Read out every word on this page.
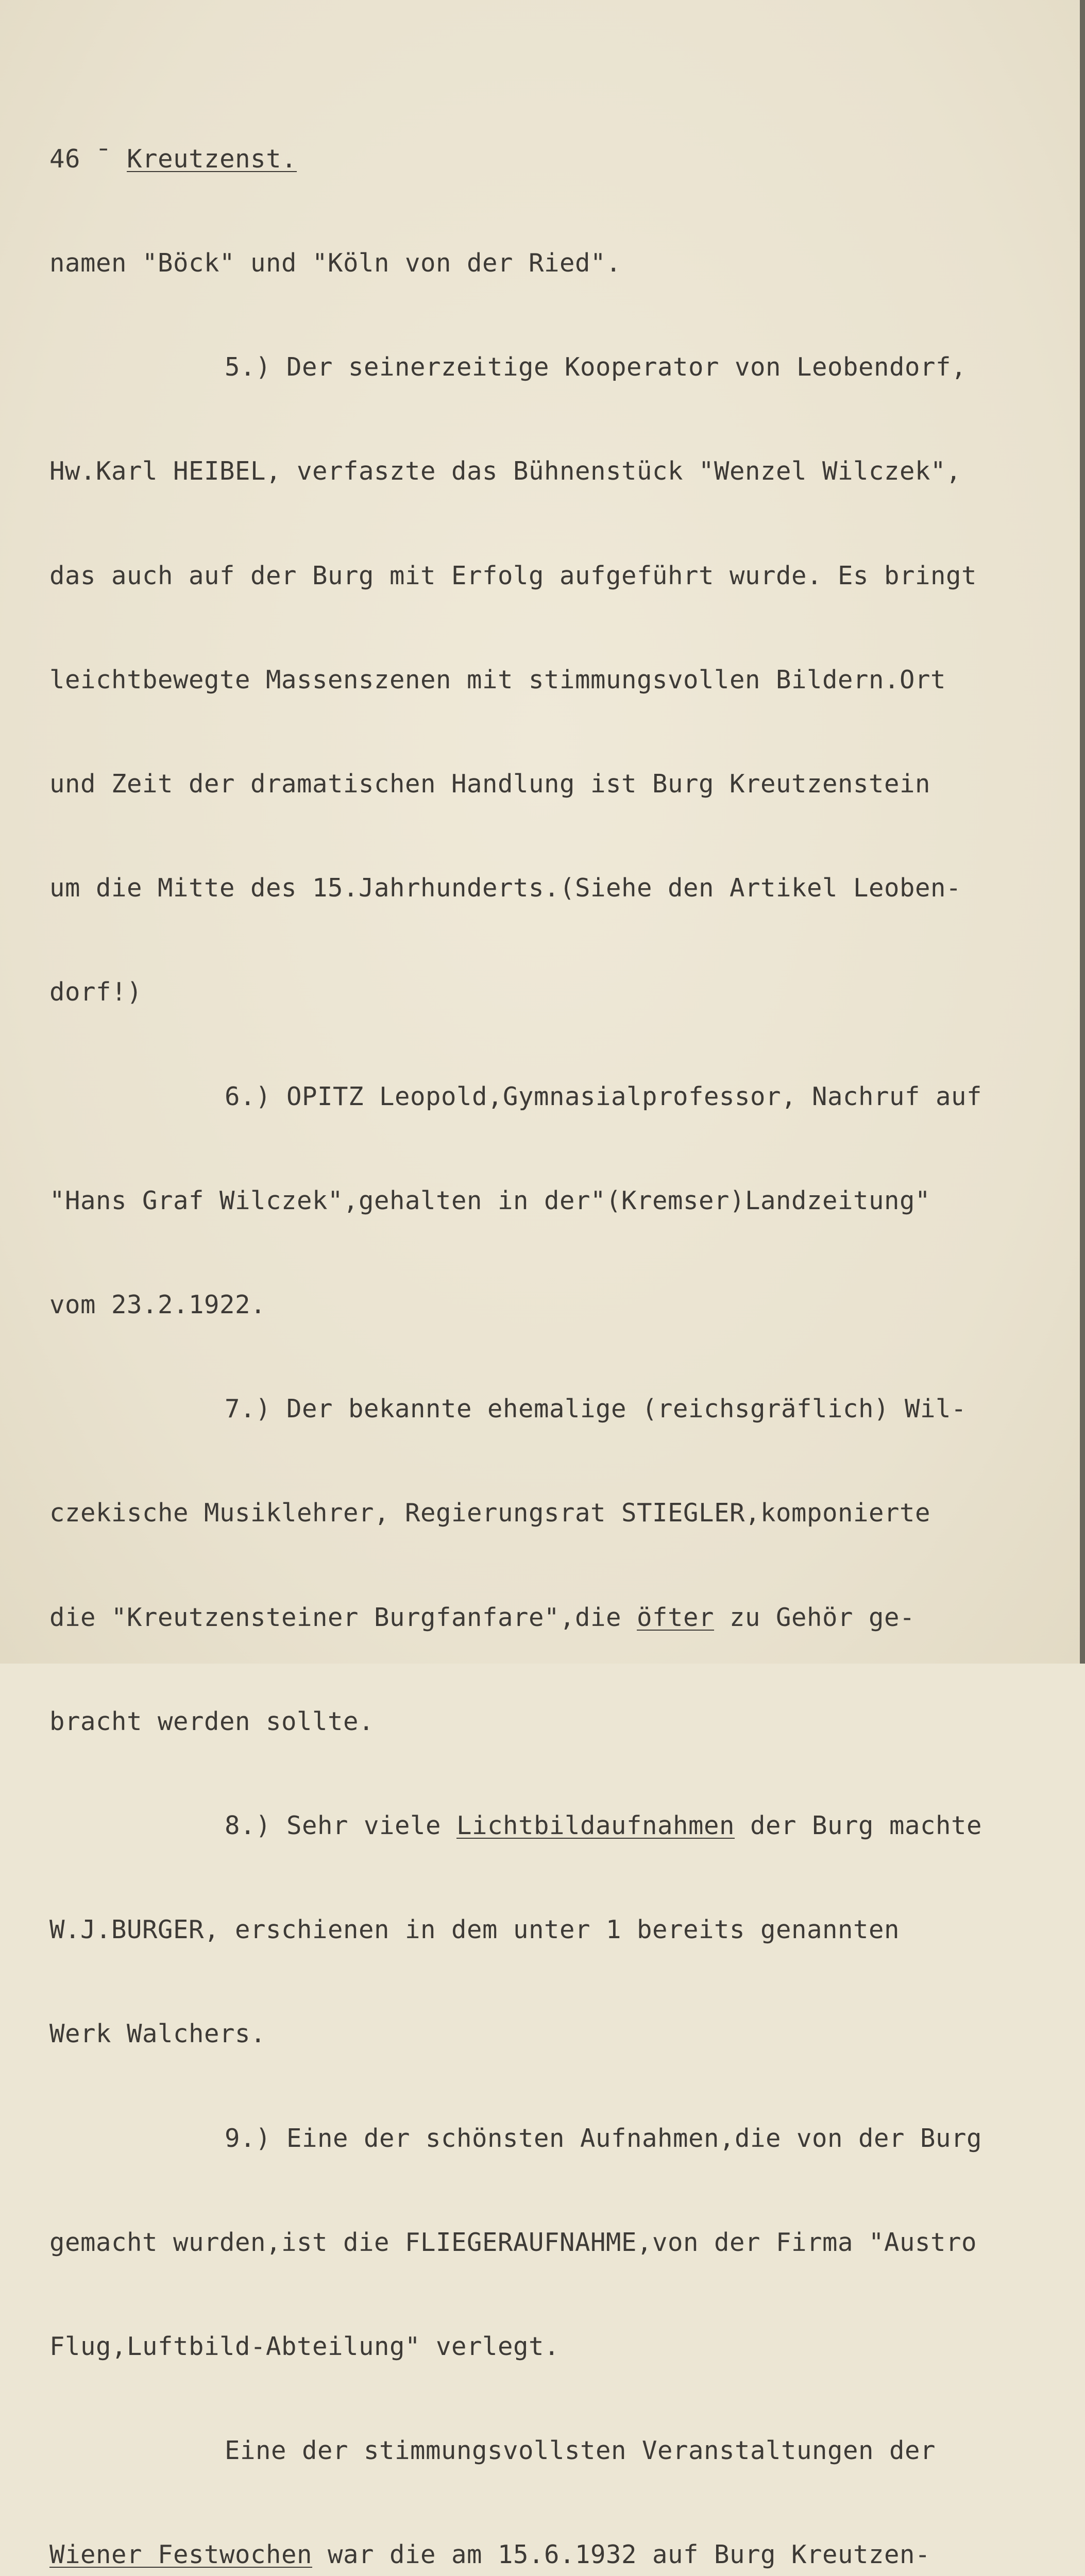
46 ¯ Kreutzenst.

namen "Böck" und "Köln von der Ried".

5.) Der seinerzeitige Kooperator von Leobendorf,

Hw.Karl HEIBEL, verfaszte das Bühnenstück "Wenzel Wilczek",

das auch auf der Burg mit Erfolg aufgeführt wurde. Es bringt

leichtbewegte Massenszenen mit stimmungsvollen Bildern.Ort

und Zeit der dramatischen Handlung ist Burg Kreutzenstein

um die Mitte des 15.Jahrhunderts.(Siehe den Artikel Leoben-

dorf!)

6.) OPITZ Leopold,Gymnasialprofessor, Nachruf auf

"Hans Graf Wilczek",gehalten in der"(Kremser)Landzeitung"

vom 23.2.1922.

7.) Der bekannte ehemalige (reichsgräflich) Wil-

czekische Musiklehrer, Regierungsrat STIEGLER,komponierte

die "Kreutzensteiner Burgfanfare",die öfter zu Gehör ge-

bracht werden sollte.

8.) Sehr viele Lichtbildaufnahmen der Burg machte

W.J.BURGER, erschienen in dem unter 1 bereits genannten

Werk Walchers.

9.) Eine der schönsten Aufnahmen,die von der Burg

gemacht wurden,ist die FLIEGERAUFNAHME,von der Firma "Austro

Flug,Luftbild-Abteilung" verlegt.

Eine der stimmungsvollsten Veranstaltungen der

Wiener Festwochen war die am 15.6.1932 auf Burg Kreutzen-
